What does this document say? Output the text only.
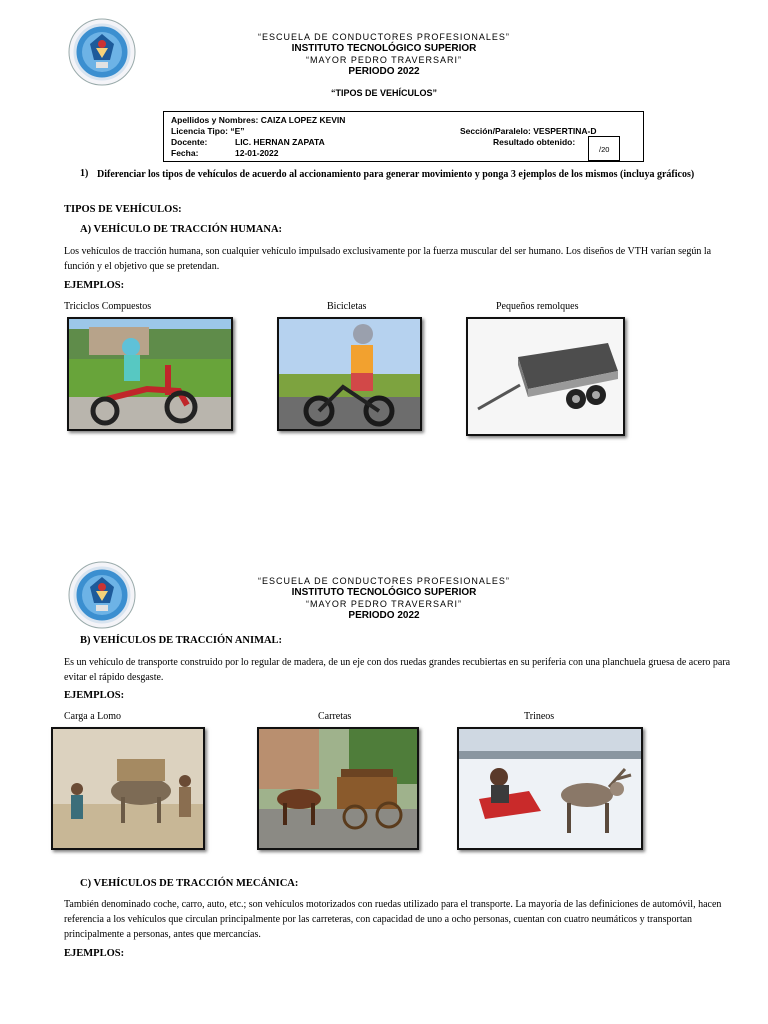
“ESCUELA DE CONDUCTORES PROFESIONALES”
INSTITUTO TECNOLÓGICO SUPERIOR
“MAYOR PEDRO TRAVERSARI”
PERIODO 2022
“TIPOS DE VEHÍCULOS”
Apellidos y Nombres: CAIZA LOPEZ KEVIN
Licencia Tipo: “E”	Sección/Paralelo: VESPERTINA-D
Docente:	LIC. HERNAN ZAPATA	Resultado obtenido:
Fecha:	12-01-2022	/20
1) Diferenciar los tipos de vehículos de acuerdo al accionamiento para generar movimiento y ponga 3 ejemplos de los mismos (incluya gráficos)
TIPOS DE VEHÍCULOS:
A) VEHÍCULO DE TRACCIÓN HUMANA:
Los vehículos de tracción humana, son cualquier vehículo impulsado exclusivamente por la fuerza muscular del ser humano. Los diseños de VTH varían según la función y el objetivo que se pretendan.
EJEMPLOS:
Triciclos Compuestos	Bicicletas	Pequeños remolques
“ESCUELA DE CONDUCTORES PROFESIONALES”
INSTITUTO TECNOLÓGICO SUPERIOR
“MAYOR PEDRO TRAVERSARI”
PERIODO 2022
B) VEHÍCULOS DE TRACCIÓN ANIMAL:
Es un vehículo de transporte construido por lo regular de madera, de un eje con dos ruedas grandes recubiertas en su periferia con una planchuela gruesa de acero para evitar el rápido desgaste.
EJEMPLOS:
Carga a Lomo	Carretas	Trineos
C) VEHÍCULOS DE TRACCIÓN MECÁNICA:
También denominado coche, carro, auto, etc.; son vehículos motorizados con ruedas utilizado para el transporte. La mayoría de las definiciones de automóvil, hacen referencia a los vehículos que circulan principalmente por las carreteras, con capacidad de uno a ocho personas, cuentan con cuatro neumáticos y transportan principalmente a personas, antes que mercancías.
EJEMPLOS:
